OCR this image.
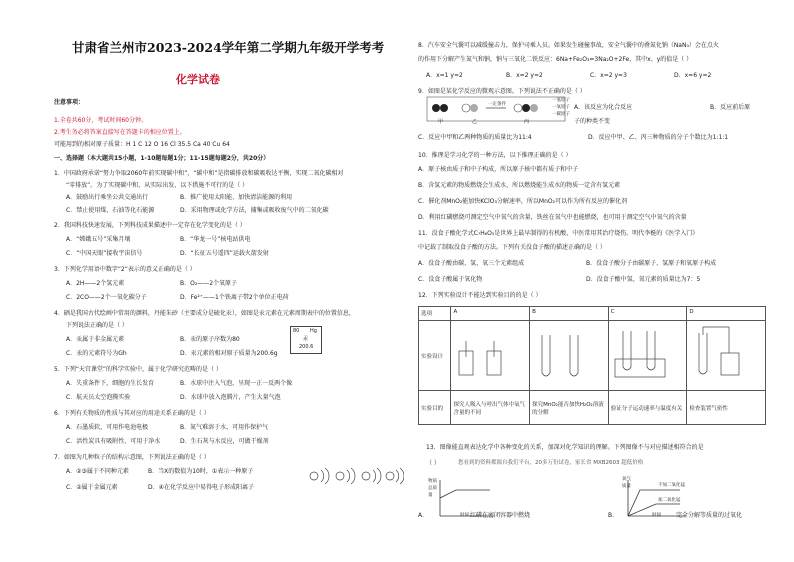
甘肃省兰州市2023-2024学年第二学期九年级开学考考
化学试卷
注意事项：
1.全卷共60分，考试时间60分钟。
2.考生务必将答案直接写在答题卡的相应位置上。
可能用到的相对原子质量：H 1 C 12 O 16 Cl 35.5 Ca 40 Cu 64
一、选择题（本大题共15小题，1-10题每题1分；11-15题每题2分，共20分）
1．中国政府承诺“努力争取2060年前实现碳中和”，“碳中和”是指碳排放和碳吸收达平衡，实现二氧化碳相对
“零排放”。为了实现碳中和，从实际出发，以下措施不可行的是（ ）
A．鼓励出行乘坐公共交通出行	B．推广使用太阳能、加快清洁能源的利用
C．禁止使用煤、石油等化石能源	D．采用物理或化学方法，捕集或吸收废气中的二氧化碳
2．我国科技快速发展，下列科技成果描述中一定存在化学变化的是（ ）
A．“嫦娥五号”采集月壤	B．“华龙一号”核电站供电
C．“中国天眼”接收宇宙信号	D．“长征五号遥四”运载火箭发射
3．下列化学用语中数字“2”表示的意义正确的是（ ）
A．2H——2个氢元素	B．O₂——2个氧原子
C．2CO——2个一氧化碳分子	D．Fe²⁺——1个铁离子带2个单位正电荷
4．硒是我国古代绘画中常用的颜料，丹能朱砂（主要成分是硫化汞），如图是汞元素在元素周期表中的位置信息，
下列说法正确的是（ ）
A．汞属于非金属元素	B．汞的原子序数为80
C．汞的元素符号为Gh	D．汞元素的相对原子质量为200.6g
80 Hg
汞
200.6
5．下列“天宫课堂”的科学实验中，属于化学研究范畴的是（ ）
A．失重条件下，细胞的生长发育	B．水球中注入气泡，呈现一正一反两个像
C．航天员太空泡腾实验	D．水球中放入泡腾片，产生大量气泡
6．下列有关物质的性质与其对应的用途关系正确的是（ ）
A．石墨质软，可用作电池电极	B．氮气难溶于水，可用作保护气
C．活性炭具有吸附性，可用于净水	D．生石灰与水反应，可做干燥剂
7．如图为几种粒子的结构示意图，下列说法正确的是（ ）
A．②③属于不同种元素	B．当X的数值为10时，①表示一种原子
C．②属于金属元素	D．④在化学反应中易得电子形成阳离子
8．汽车安全气囊可以减缓撞击力，保护司乘人员。如果发生碰撞事故，安全气囊中的叠氮化钠（NaN₃）会在点火
的作用下分解产生氮气和钠，钠与三氧化二铁反应：6Na+Fe₂O₃=3Na₂O+2Fe，其中x、y的值是（ ）
A．x=1 y=2	B．x=2 y=2	C．x=2 y=3	D．x=6 y=2
9．如图是某化学反应的微观示意图。下列说法不正确的是（ ）
一定条件
甲	乙	丙
一氢原子
一氧原子
一碳原子
A．该反应为化合反应	B．反应前后原
子的种类不变
C．反应中甲和乙两种物质的质量比为11:4	D．反应中甲、乙、丙三种物质的分子个数比为1:1:1
10．推理是学习化学的一种方法，以下推理正确的是（ ）
A．原子核由质子和中子构成，所以原子核中都有质子和中子
B．含氢元素的物质燃烧会生成水，所以燃烧能生成水的物质一定含有氢元素
C．催化剂MnO₂能加快KClO₃分解速率，所以MnO₂可以作为所有反应的催化剂
D．利用红磷燃烧可测定空气中氧气的含量，铁丝在氧气中也能燃烧，也可用于测定空气中氧气的含量
11．没食子酸化学式C₇H₆O₅是世界上最早制得的有机酸，中医常用其治疗烧伤。明代李梃的《医学入门》
中记载了制取没食子酸的方法。下列有关没食子酸的描述正确的是（ ）
A．没食子酸由碳、氢、氧三个元素组成	B．没食子酸分子由碳原子、氢原子和氧原子构成
C．没食子酸属于氧化物	D．没食子酸中氢、氧元素的质量比为7：5
12．下列实验设计不能达到实验目的的是（ ）
选项	A	B	C	D
实验设计				
实验目的	探究人吸入与呼出气体中氧气含量的不同	探究MnO₂能否加快H₂O₂溶液的分解	验证分子运动速率与温度有关	检查装置气密性
13．图像能直观表达化学中各种变化的关系，加深对化学知识的理解。下列图像不与对应描述相符合的是
（ ）	您看到的资料都源自我们平台，20多万份试卷，家长省 MXB2603 超低价格
A．
物质总质量
时间 红磷在密闭容器中燃烧	B．
氧气质量	不加二氧化锰
加二氧化锰
时间	完全分解等质量的过氧化
